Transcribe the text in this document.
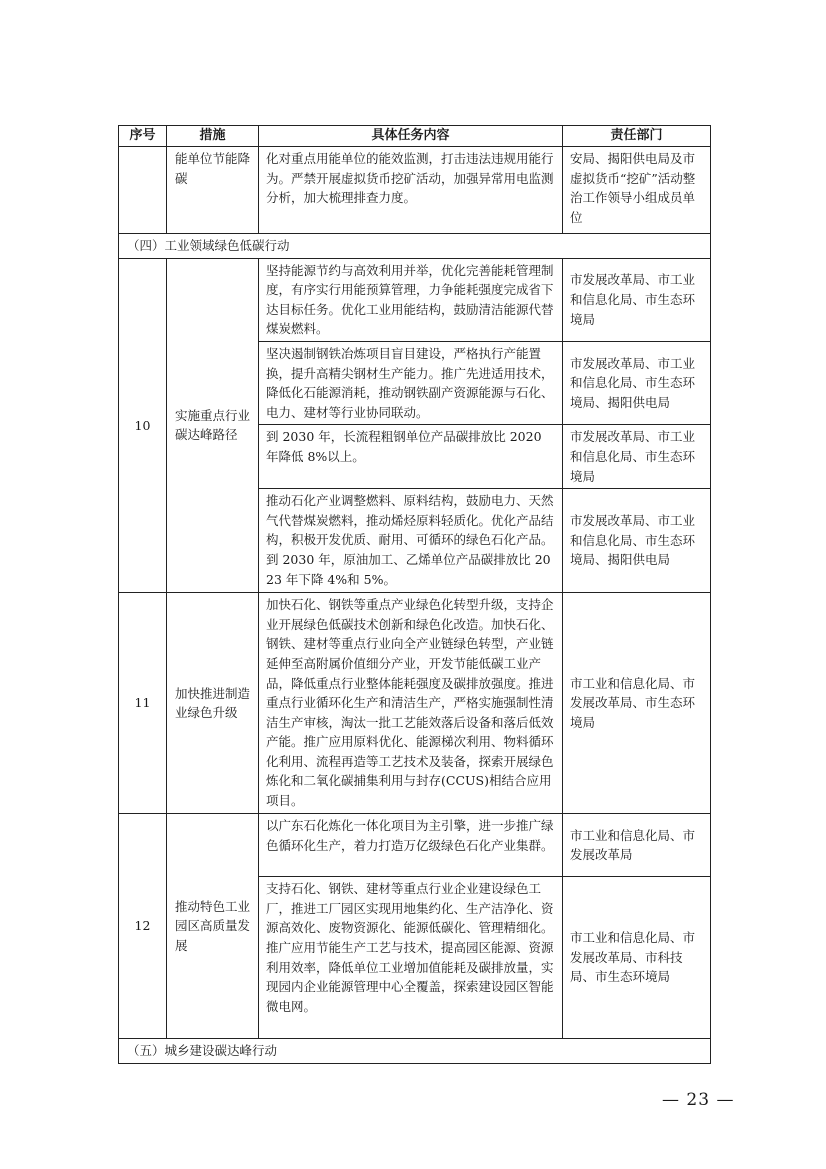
序号	措施	具体任务内容	责任部门
	能单位节能降碳	化对重点用能单位的能效监测，打击违法违规用能行为。严禁开展虚拟货币挖矿活动，加强异常用电监测分析，加大梳理排查力度。	安局、揭阳供电局及市虚拟货币“挖矿”活动整治工作领导小组成员单位
（四）工业领域绿色低碳行动			
10	实施重点行业碳达峰路径	坚持能源节约与高效利用并举，优化完善能耗管理制度，有序实行用能预算管理，力争能耗强度完成省下达目标任务。优化工业用能结构，鼓励清洁能源代替煤炭燃料。	市发展改革局、市工业和信息化局、市生态环境局
		坚决遏制钢铁冶炼项目盲目建设，严格执行产能置换，提升高精尖钢材生产能力。推广先进适用技术，降低化石能源消耗，推动钢铁副产资源能源与石化、电力、建材等行业协同联动。	市发展改革局、市工业和信息化局、市生态环境局、揭阳供电局
		到 2030 年，长流程粗钢单位产品碳排放比 2020 年降低 8%以上。	市发展改革局、市工业和信息化局、市生态环境局
		推动石化产业调整燃料、原料结构，鼓励电力、天然气代替煤炭燃料，推动烯烃原料轻质化。优化产品结构，积极开发优质、耐用、可循环的绿色石化产品。到 2030 年，原油加工、乙烯单位产品碳排放比 2023 年下降 4%和 5%。	市发展改革局、市工业和信息化局、市生态环境局、揭阳供电局
11	加快推进制造业绿色升级	加快石化、钢铁等重点产业绿色化转型升级，支持企业开展绿色低碳技术创新和绿色化改造。加快石化、钢铁、建材等重点行业向全产业链绿色转型，产业链延伸至高附属价值细分产业，开发节能低碳工业产品，降低重点行业整体能耗强度及碳排放强度。推进重点行业循环化生产和清洁生产，严格实施强制性清洁生产审核，淘汰一批工艺能效落后设备和落后低效产能。推广应用原料优化、能源梯次利用、物料循环化利用、流程再造等工艺技术及装备，探索开展绿色炼化和二氧化碳捕集利用与封存(CCUS)相结合应用项目。	市工业和信息化局、市发展改革局、市生态环境局
12	推动特色工业园区高质量发展	以广东石化炼化一体化项目为主引擎，进一步推广绿色循环化生产，着力打造万亿级绿色石化产业集群。	市工业和信息化局、市发展改革局
		支持石化、钢铁、建材等重点行业企业建设绿色工厂，推进工厂园区实现用地集约化、生产洁净化、资源高效化、废物资源化、能源低碳化、管理精细化。推广应用节能生产工艺与技术，提高园区能源、资源利用效率，降低单位工业增加值能耗及碳排放量，实现园内企业能源管理中心全覆盖，探索建设园区智能微电网。	市工业和信息化局、市发展改革局、市科技局、市生态环境局
（五）城乡建设碳达峰行动			
— 23 —
